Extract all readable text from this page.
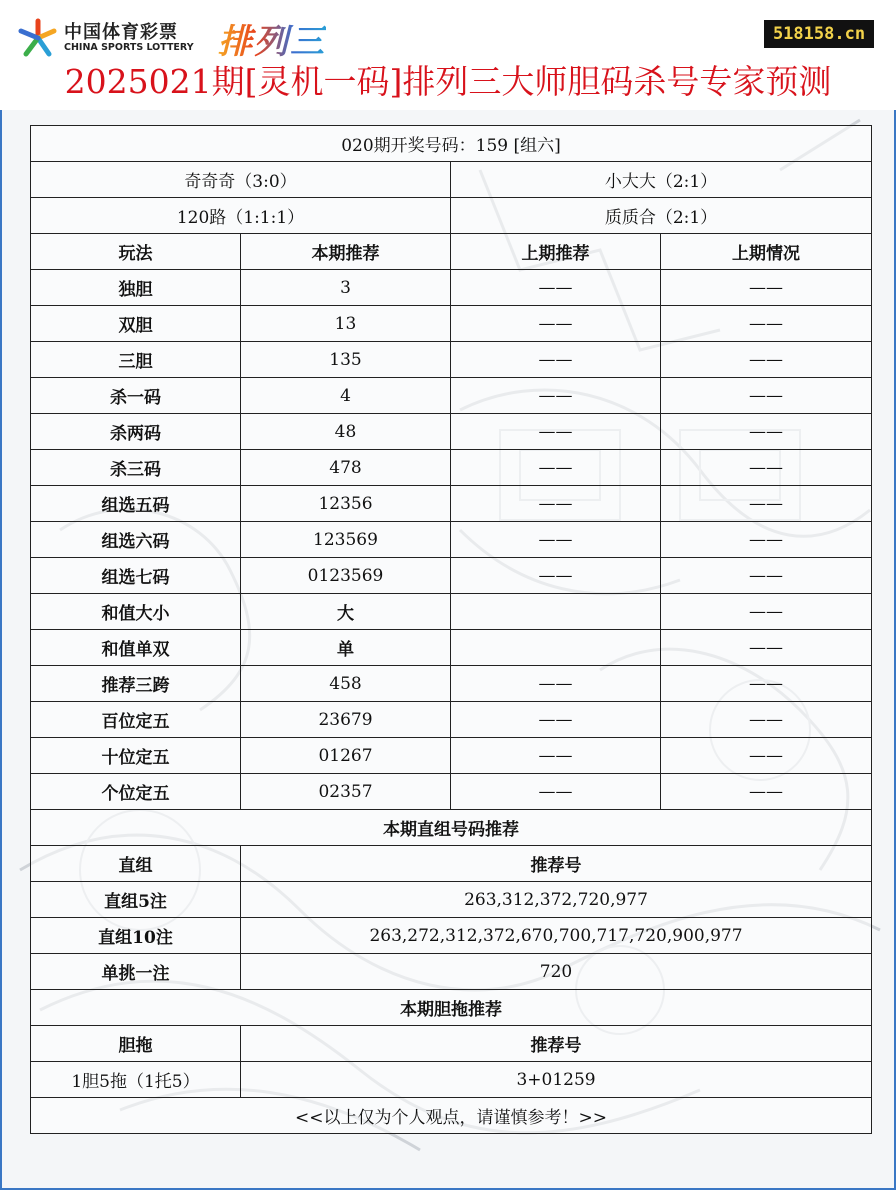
中国体育彩票
CHINA SPORTS LOTTERY 排列三	518158.cn
2025021期[灵机一码]排列三大师胆码杀号专家预测
020期开奖号码：159 [组六]			
奇奇奇（3:0）		小大大（2:1）	
120路（1:1:1）		质质合（2:1）	
玩法	本期推荐	上期推荐	上期情况
独胆	3	——	——
双胆	13	——	——
三胆	135	——	——
杀一码	4	——	——
杀两码	48	——	——
杀三码	478	——	——
组选五码	12356	——	——
组选六码	123569	——	——
组选七码	0123569	——	——
和值大小	大		——
和值单双	单		——
推荐三跨	458	——	——
百位定五	23679	——	——
十位定五	01267	——	——
个位定五	02357	——	——
本期直组号码推荐			
直组	推荐号		
直组5注	263,312,372,720,977		
直组10注	263,272,312,372,670,700,717,720,900,977		
单挑一注	720		
本期胆拖推荐			
胆拖	推荐号		
1胆5拖（1托5）	3+01259		
<<以上仅为个人观点，请谨慎参考！>>			
